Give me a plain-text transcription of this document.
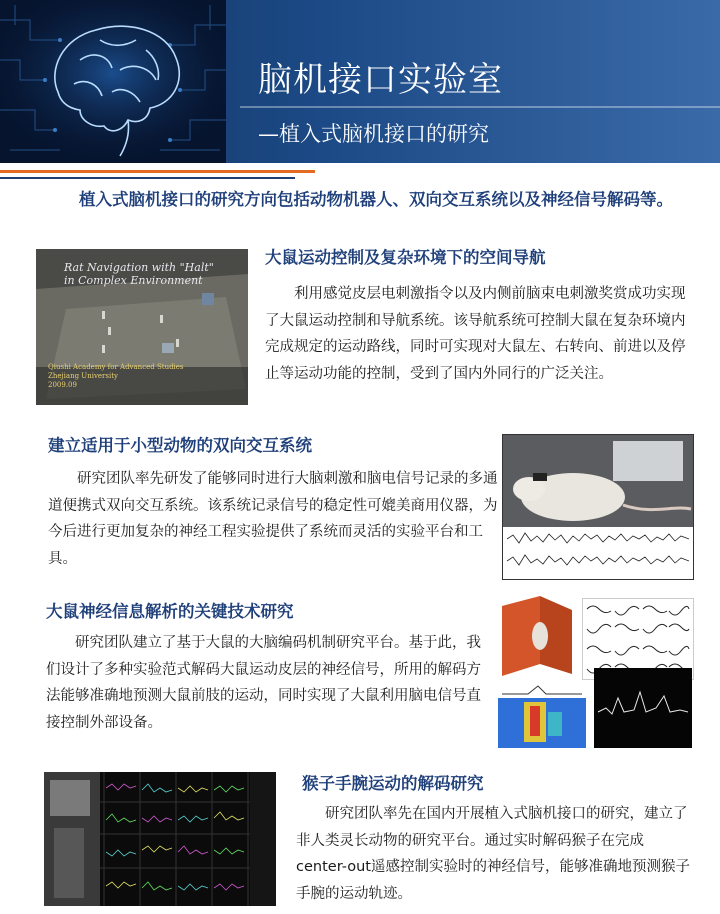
脑机接口实验室
—植入式脑机接口的研究
植入式脑机接口的研究方向包括动物机器人、双向交互系统以及神经信号解码等。
Rat Navigation with "Halt"
in Complex Environment
Qiushi Academy for Advanced Studies
Zhejiang University
2009.09
大鼠运动控制及复杂环境下的空间导航

利用感觉皮层电刺激指令以及内侧前脑束电刺激奖赏成功实现了大鼠运动控制和导航系统。该导航系统可控制大鼠在复杂环境内完成规定的运动路线，同时可实现对大鼠左、右转向、前进以及停止等运动功能的控制，受到了国内外同行的广泛关注。

建立适用于小型动物的双向交互系统

研究团队率先研发了能够同时进行大脑刺激和脑电信号记录的多通道便携式双向交互系统。该系统记录信号的稳定性可媲美商用仪器，为今后进行更加复杂的神经工程实验提供了系统而灵活的实验平台和工具。

大鼠神经信息解析的关键技术研究

研究团队建立了基于大鼠的大脑编码机制研究平台。基于此，我们设计了多种实验范式解码大鼠运动皮层的神经信号，所用的解码方法能够准确地预测大鼠前肢的运动，同时实现了大鼠利用脑电信号直接控制外部设备。

猴子手腕运动的解码研究

研究团队率先在国内开展植入式脑机接口的研究，建立了非人类灵长动物的研究平台。通过实时解码猴子在完成center-out遥感控制实验时的神经信号，能够准确地预测猴子手腕的运动轨迹。
